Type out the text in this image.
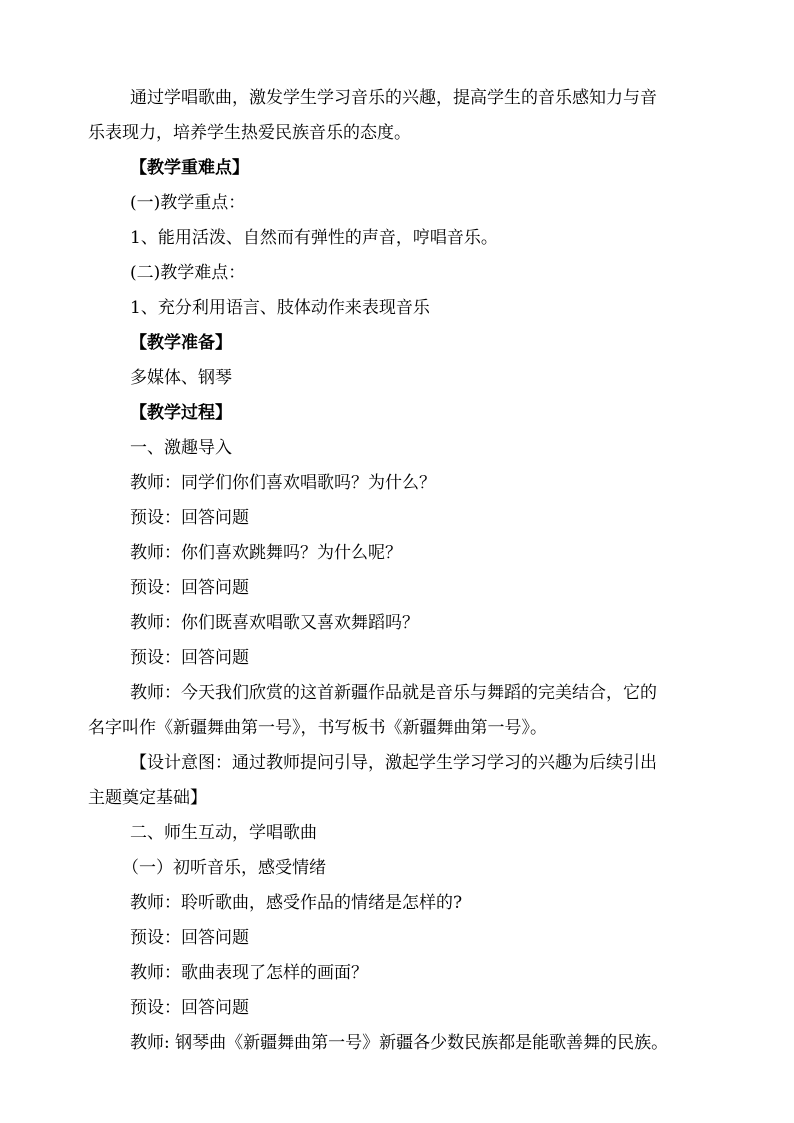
通过学唱歌曲，激发学生学习音乐的兴趣，提高学生的音乐感知力与音
乐表现力，培养学生热爱民族音乐的态度。
【教学重难点】
(一)教学重点：
1、能用活泼、自然而有弹性的声音，哼唱音乐。
(二)教学难点：
1、充分利用语言、肢体动作来表现音乐
【教学准备】
多媒体、钢琴
【教学过程】
一、激趣导入
教师：同学们你们喜欢唱歌吗？为什么？
预设：回答问题
教师：你们喜欢跳舞吗？为什么呢？
预设：回答问题
教师：你们既喜欢唱歌又喜欢舞蹈吗？
预设：回答问题
教师：今天我们欣赏的这首新疆作品就是音乐与舞蹈的完美结合，它的
名字叫作《新疆舞曲第一号》，书写板书《新疆舞曲第一号》。
【设计意图：通过教师提问引导，激起学生学习学习的兴趣为后续引出
主题奠定基础】
二、师生互动，学唱歌曲
（一）初听音乐，感受情绪
教师：聆听歌曲，感受作品的情绪是怎样的?
预设：回答问题
教师：歌曲表现了怎样的画面？
预设：回答问题
教师: 钢琴曲《新疆舞曲第一号》新疆各少数民族都是能歌善舞的民族。
